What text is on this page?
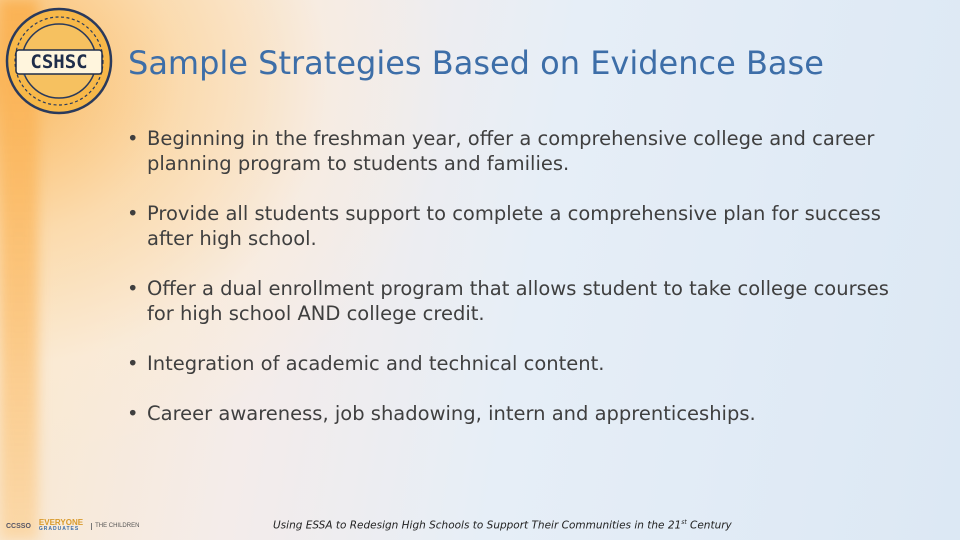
CSHSC Sample Strategies Based on Evidence Base
• Beginning in the freshman year, offer a comprehensive college and career planning program to students and families.
• Provide all students support to complete a comprehensive plan for success after high school.
• Offer a dual enrollment program that allows student to take college courses for high school AND college credit.
• Integration of academic and technical content.
• Career awareness, job shadowing, intern and apprenticeships.
CCSSO EVERYONE
GRADUATES
THE CHILDREN	Using ESSA to Redesign High Schools to Support Their Communities in the 21st Century
